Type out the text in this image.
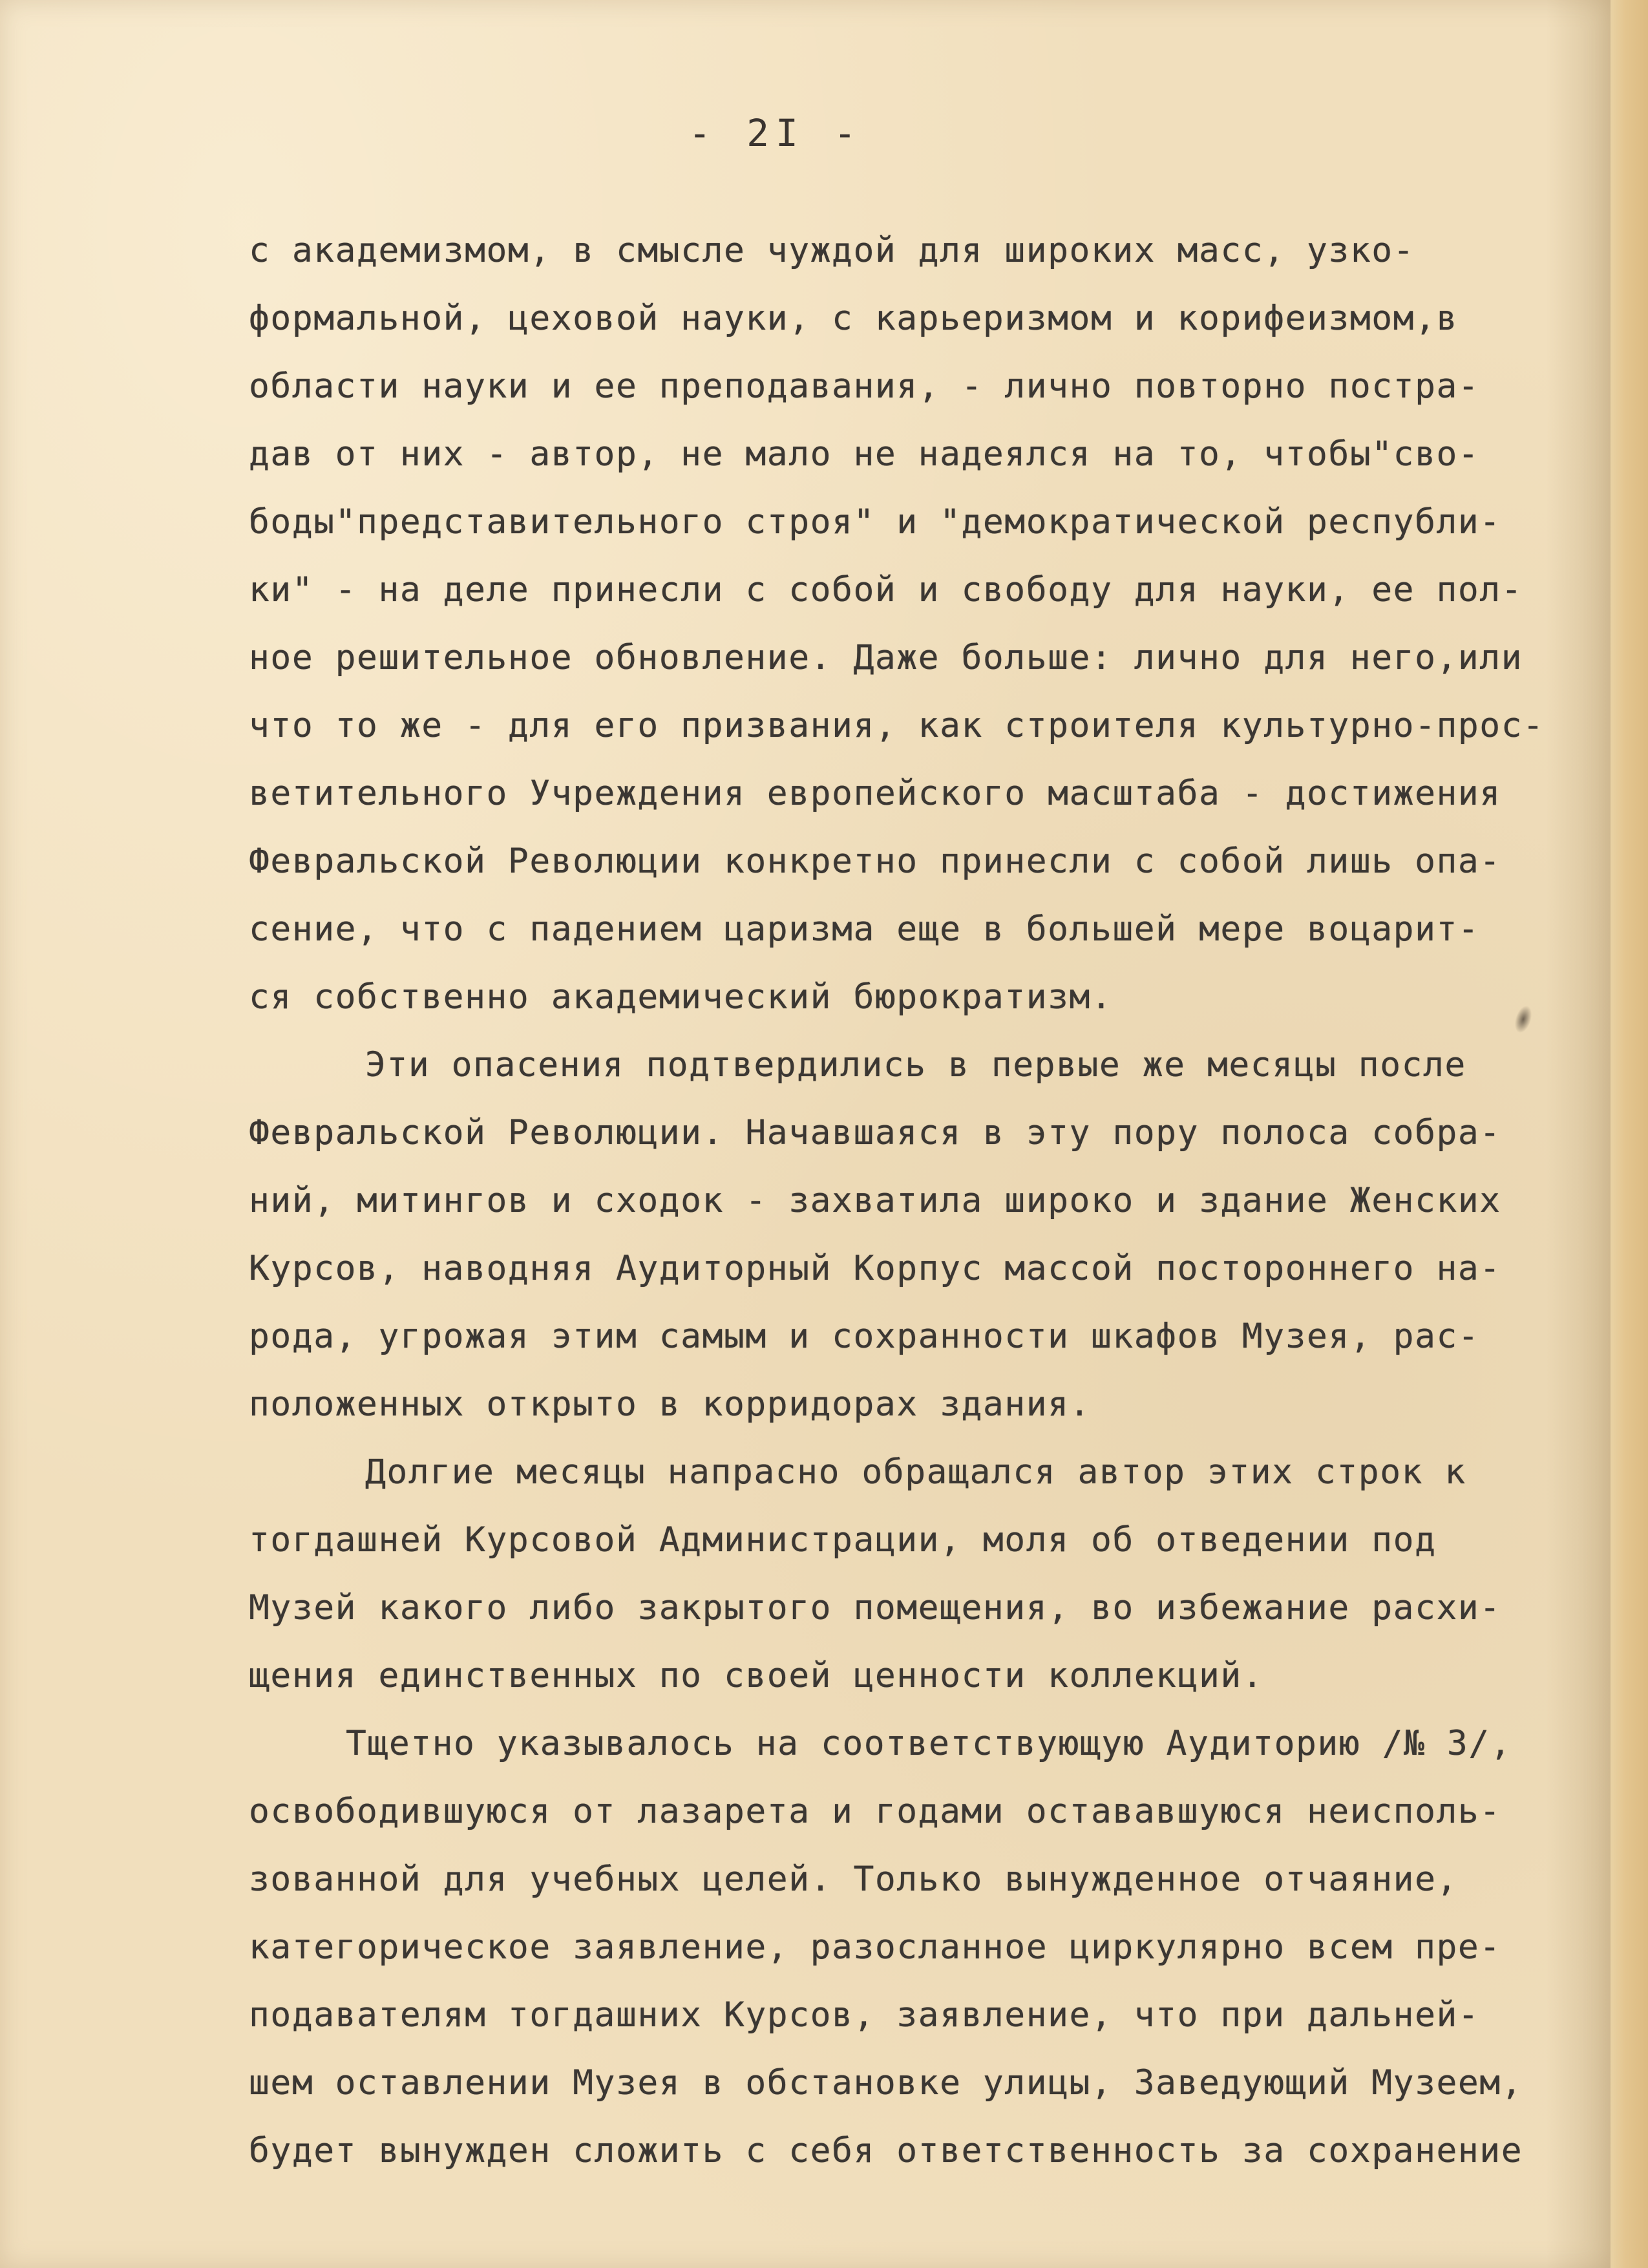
- 2I -
с академизмом, в смысле чуждой для широких масс, узко-
формальной, цеховой науки, с карьеризмом и корифеизмом,в
области науки и ее преподавания, - лично повторно постра-
дав от них - автор, не мало не надеялся на то, чтобы"сво-
боды"представительного строя" и "демократической республи-
ки" - на деле принесли с собой и свободу для науки, ее пол-
ное решительное обновление. Даже больше: лично для него,или
что то же - для его призвания, как строителя культурно-прос-
ветительного Учреждения европейского масштаба - достижения
Февральской Революции конкретно принесли с собой лишь опа-
сение, что с падением царизма еще в большей мере воцарит-
ся собственно академический бюрократизм.
Эти опасения подтвердились в первые же месяцы после
Февральской Революции. Начавшаяся в эту пору полоса собра-
ний, митингов и сходок - захватила широко и здание Женских
Курсов, наводняя Аудиторный Корпус массой постороннего на-
рода, угрожая этим самым и сохранности шкафов Музея, рас-
положенных открыто в корридорах здания.
Долгие месяцы напрасно обращался автор этих строк к
тогдашней Курсовой Администрации, моля об отведении под
Музей какого либо закрытого помещения, во избежание расхи-
щения единственных по своей ценности коллекций.
Тщетно указывалось на соответствующую Аудиторию /№ 3/,
освободившуюся от лазарета и годами остававшуюся неисполь-
зованной для учебных целей. Только вынужденное отчаяние,
категорическое заявление, разосланное циркулярно всем пре-
подавателям тогдашних Курсов, заявление, что при дальней-
шем оставлении Музея в обстановке улицы, Заведующий Музеем,
будет вынужден сложить с себя ответственность за сохранение
